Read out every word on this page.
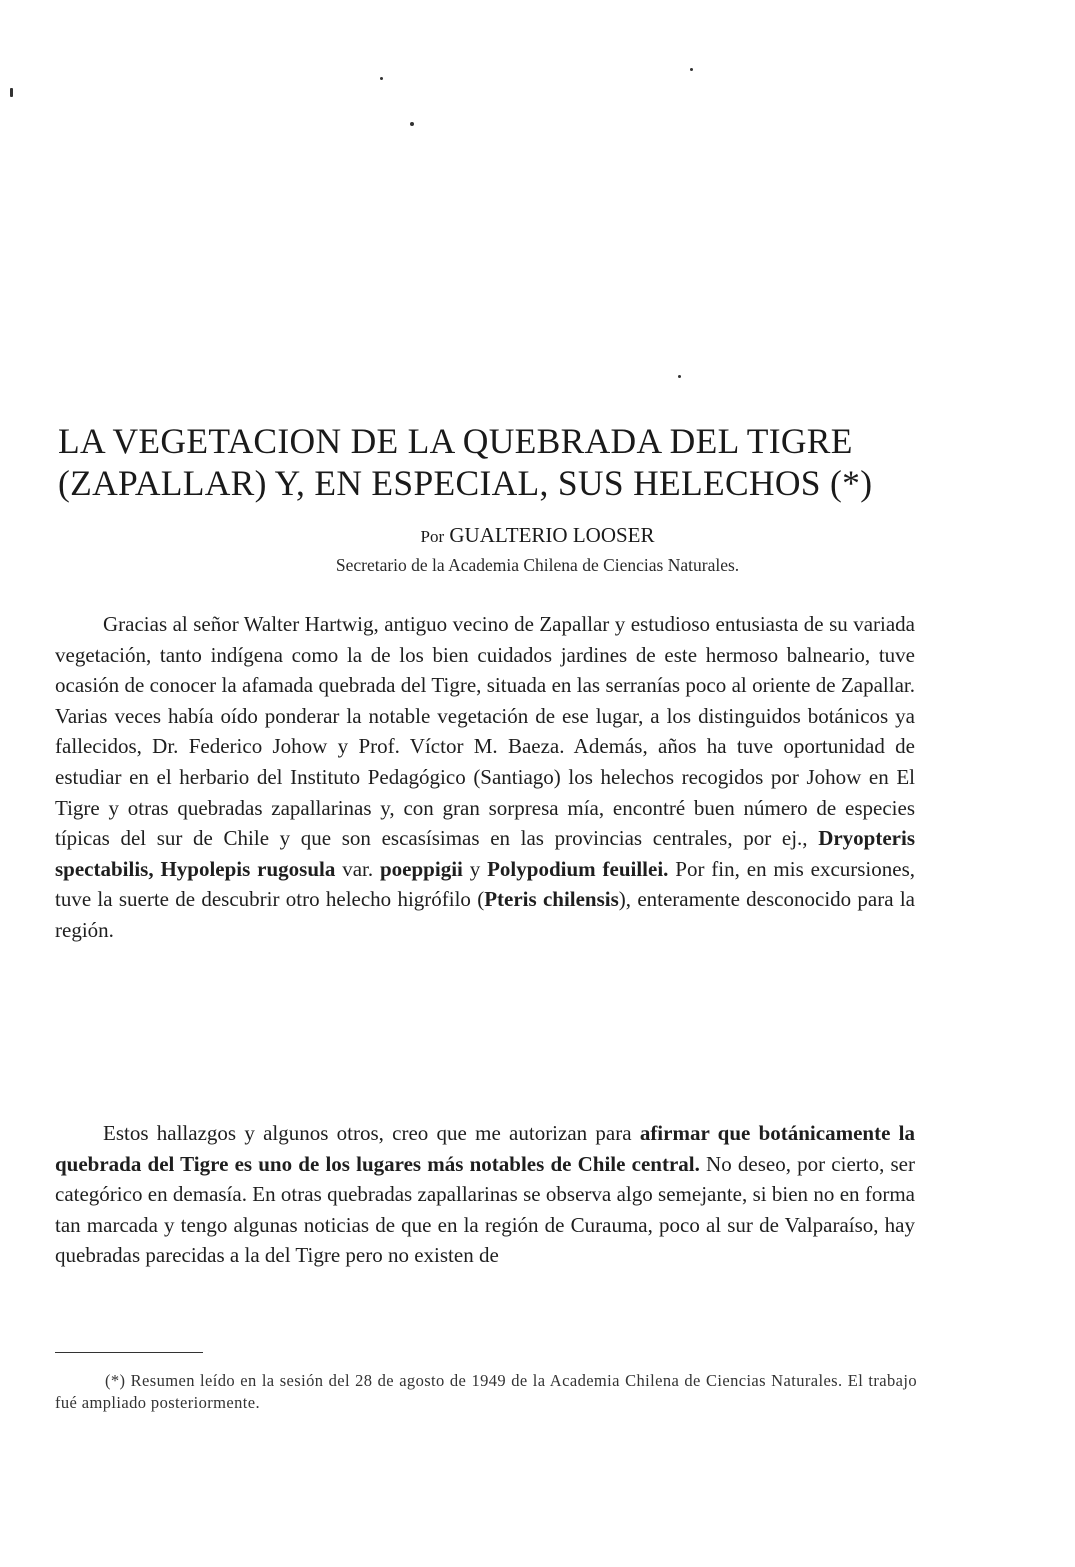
LA VEGETACION DE LA QUEBRADA DEL TIGRE
(ZAPALLAR) Y, EN ESPECIAL, SUS HELECHOS (*)
Por GUALTERIO LOOSER
Secretario de la Academia Chilena de Ciencias Naturales.
Gracias al señor Walter Hartwig, antiguo vecino de Zapallar y estudioso entusiasta de su variada vegetación, tanto indígena como la de los bien cuidados jardines de este hermoso balneario, tuve ocasión de conocer la afamada quebrada del Tigre, situada en las serranías poco al oriente de Zapallar. Varias veces había oído ponderar la notable vegetación de ese lugar, a los distinguidos botánicos ya fallecidos, Dr. Federico Johow y Prof. Víctor M. Baeza. Además, años ha tuve oportunidad de estudiar en el herbario del Instituto Pedagógico (Santiago) los helechos recogidos por Johow en El Tigre y otras quebradas zapallarinas y, con gran sorpresa mía, encontré buen número de especies típicas del sur de Chile y que son escasísimas en las provincias centrales, por ej., Dryopteris spectabilis, Hypolepis rugosula var. poeppigii y Polypodium feuillei. Por fin, en mis excursiones, tuve la suerte de descubrir otro helecho higrófilo (Pteris chilensis), enteramente desconocido para la región.
Estos hallazgos y algunos otros, creo que me autorizan para afirmar que botánicamente la quebrada del Tigre es uno de los lugares más notables de Chile central. No deseo, por cierto, ser categórico en demasía. En otras quebradas zapallarinas se observa algo semejante, si bien no en forma tan marcada y tengo algunas noticias de que en la región de Curauma, poco al sur de Valparaíso, hay quebradas parecidas a la del Tigre pero no existen de
(*) Resumen leído en la sesión del 28 de agosto de 1949 de la Academia Chilena de Ciencias Naturales. El trabajo fué ampliado posteriormente.
